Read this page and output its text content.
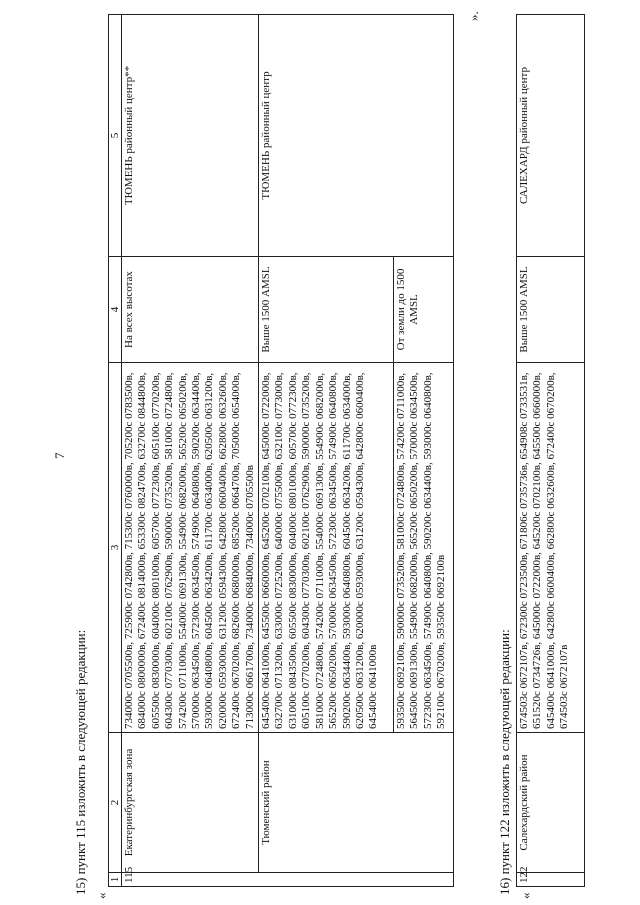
7
15) пункт 115 изложить в следующей редакции:
«
1	2	3	4	5
115	Екатеринбургская зона	734000с 0705500в, 725900с 0742800в, 715300с 0760000в, 705200с 0783500в, 684000с 0800000в, 672400с 0814000в, 653300с 0824700в, 632700с 0844800в, 605500с 0830000в, 604000с 0801000в, 605700с 0772300в, 605100с 0770200в, 604300с 0770300в, 602100с 0762900в, 590000с 0735200в, 581000с 0724800в, 574200с 0711000в, 554000с 0691300в, 554900с 0682000в, 565200с 0650200в, 570000с 0634500в, 572300с 0634500в, 574900с 0640800в, 590200с 0634400в, 593000с 0640800в, 604500с 0634200в, 611700с 0634000в, 620500с 0631200в, 620000с 0593000в, 631200с 0594300в, 642800с 0600400в, 662800с 0632600в, 672400с 0670200в, 682600с 0680000в, 685200с 0664700в, 705000с 0654000в, 713000с 0661700в, 734000с 0684000в, 734000с 0705500в	На всех высотах	ТЮМЕНЬ районный центр**
	Тюменский район	645400с 0641000в, 645500с 0660000в, 645200с 0702100в, 645000с 0722000в, 632700с 0713200в, 633000с 0725200в, 640000с 0755000в, 632100с 0773000в, 631000с 0843500в, 605500с 0830000в, 604000с 0801000в, 605700с 0772300в, 605100с 0770200в, 604300с 0770300в, 602100с 0762900в, 590000с 0735200в, 581000с 0724800в, 574200с 0711000в, 554000с 0691300в, 554900с 0682000в, 565200с 0650200в, 570000с 0634500в, 572300с 0634500в, 574900с 0640800в, 590200с 0634400в, 593000с 0640800в, 604500с 0634200в, 611700с 0634000в, 620500с 0631200в, 620000с 0593000в, 631200с 0594300в, 642800с 0600400в, 645400с 0641000в	Выше 1500 AMSL	ТЮМЕНЬ районный центр
		593500с 0692100в, 590000с 0735200в, 581000с 0724800в, 574200с 0711000в, 564500с 0691300в, 554900с 0682000в, 565200с 0650200в, 570000с 0634500в, 572300с 0634500в, 574900с 0640800в, 590200с 0634400в, 593000с 0640800в, 592100с 0670200в, 593500с 0692100в	От земли до 1500 AMSL	
».
16) пункт 122 изложить в следующей редакции:
«
122	Салехардский район	674503с 0672107в, 672300с 0723500в, 671806с 0735736в, 654908с 0733531в, 651520с 0734726в, 645000с 0722000в, 645200с 0702100в, 645500с 0660000в, 645400с 0641000в, 642800с 0600400в, 662800с 0632600в, 672400с 0670200в, 674503с 0672107в	Выше 1500 AMSL	САЛЕХАРД районный центр
